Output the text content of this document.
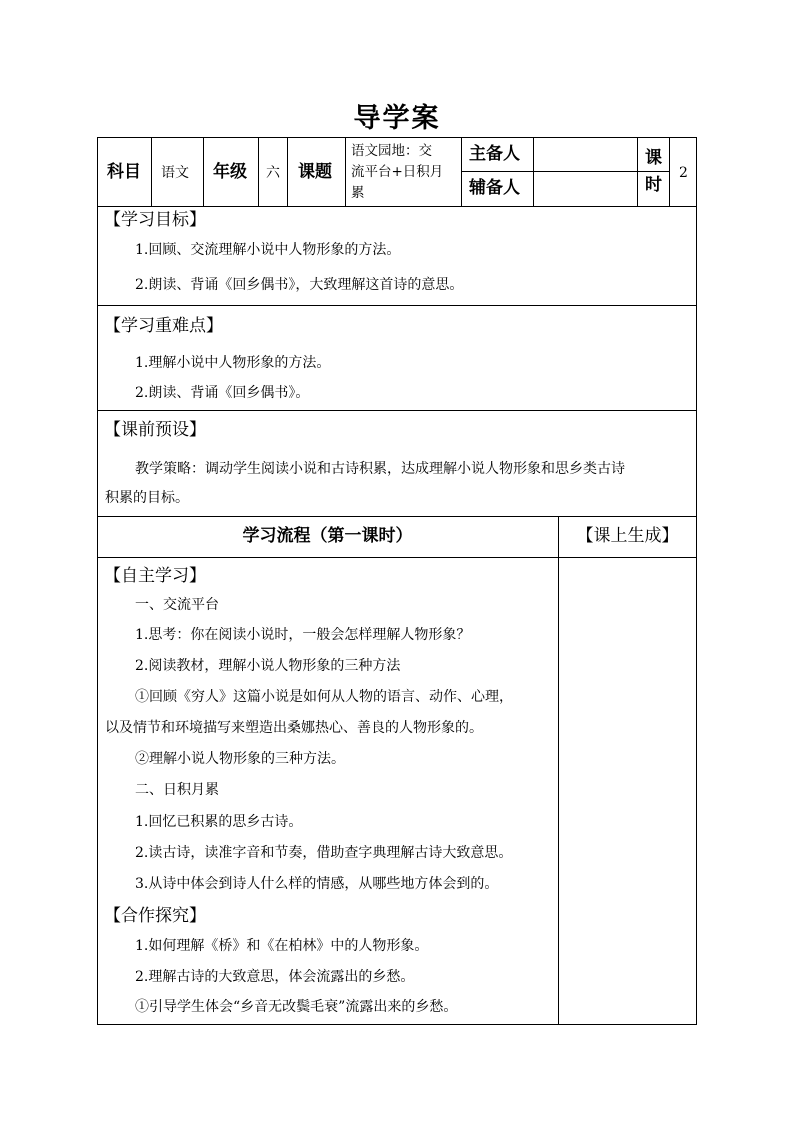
导学案
科目 语文 年级 六 课题
语文园地：交
流平台+日积月
累
主备人
辅备人
课
时
2
【学习目标】
1.回顾、交流理解小说中人物形象的方法。
2.朗读、背诵《回乡偶书》，大致理解这首诗的意思。
【学习重难点】
1.理解小说中人物形象的方法。
2.朗读、背诵《回乡偶书》。
【课前预设】
教学策略：调动学生阅读小说和古诗积累，达成理解小说人物形象和思乡类古诗
积累的目标。
学习流程（第一课时）	【课上生成】
【自主学习】
一、交流平台
1.思考：你在阅读小说时，一般会怎样理解人物形象？
2.阅读教材，理解小说人物形象的三种方法
①回顾《穷人》这篇小说是如何从人物的语言、动作、心理，
以及情节和环境描写来塑造出桑娜热心、善良的人物形象的。
②理解小说人物形象的三种方法。
二、日积月累
1.回忆已积累的思乡古诗。
2.读古诗，读准字音和节奏，借助查字典理解古诗大致意思。
3.从诗中体会到诗人什么样的情感，从哪些地方体会到的。
【合作探究】
1.如何理解《桥》和《在柏林》中的人物形象。
2.理解古诗的大致意思，体会流露出的乡愁。
①引导学生体会“乡音无改鬓毛衰”流露出来的乡愁。
